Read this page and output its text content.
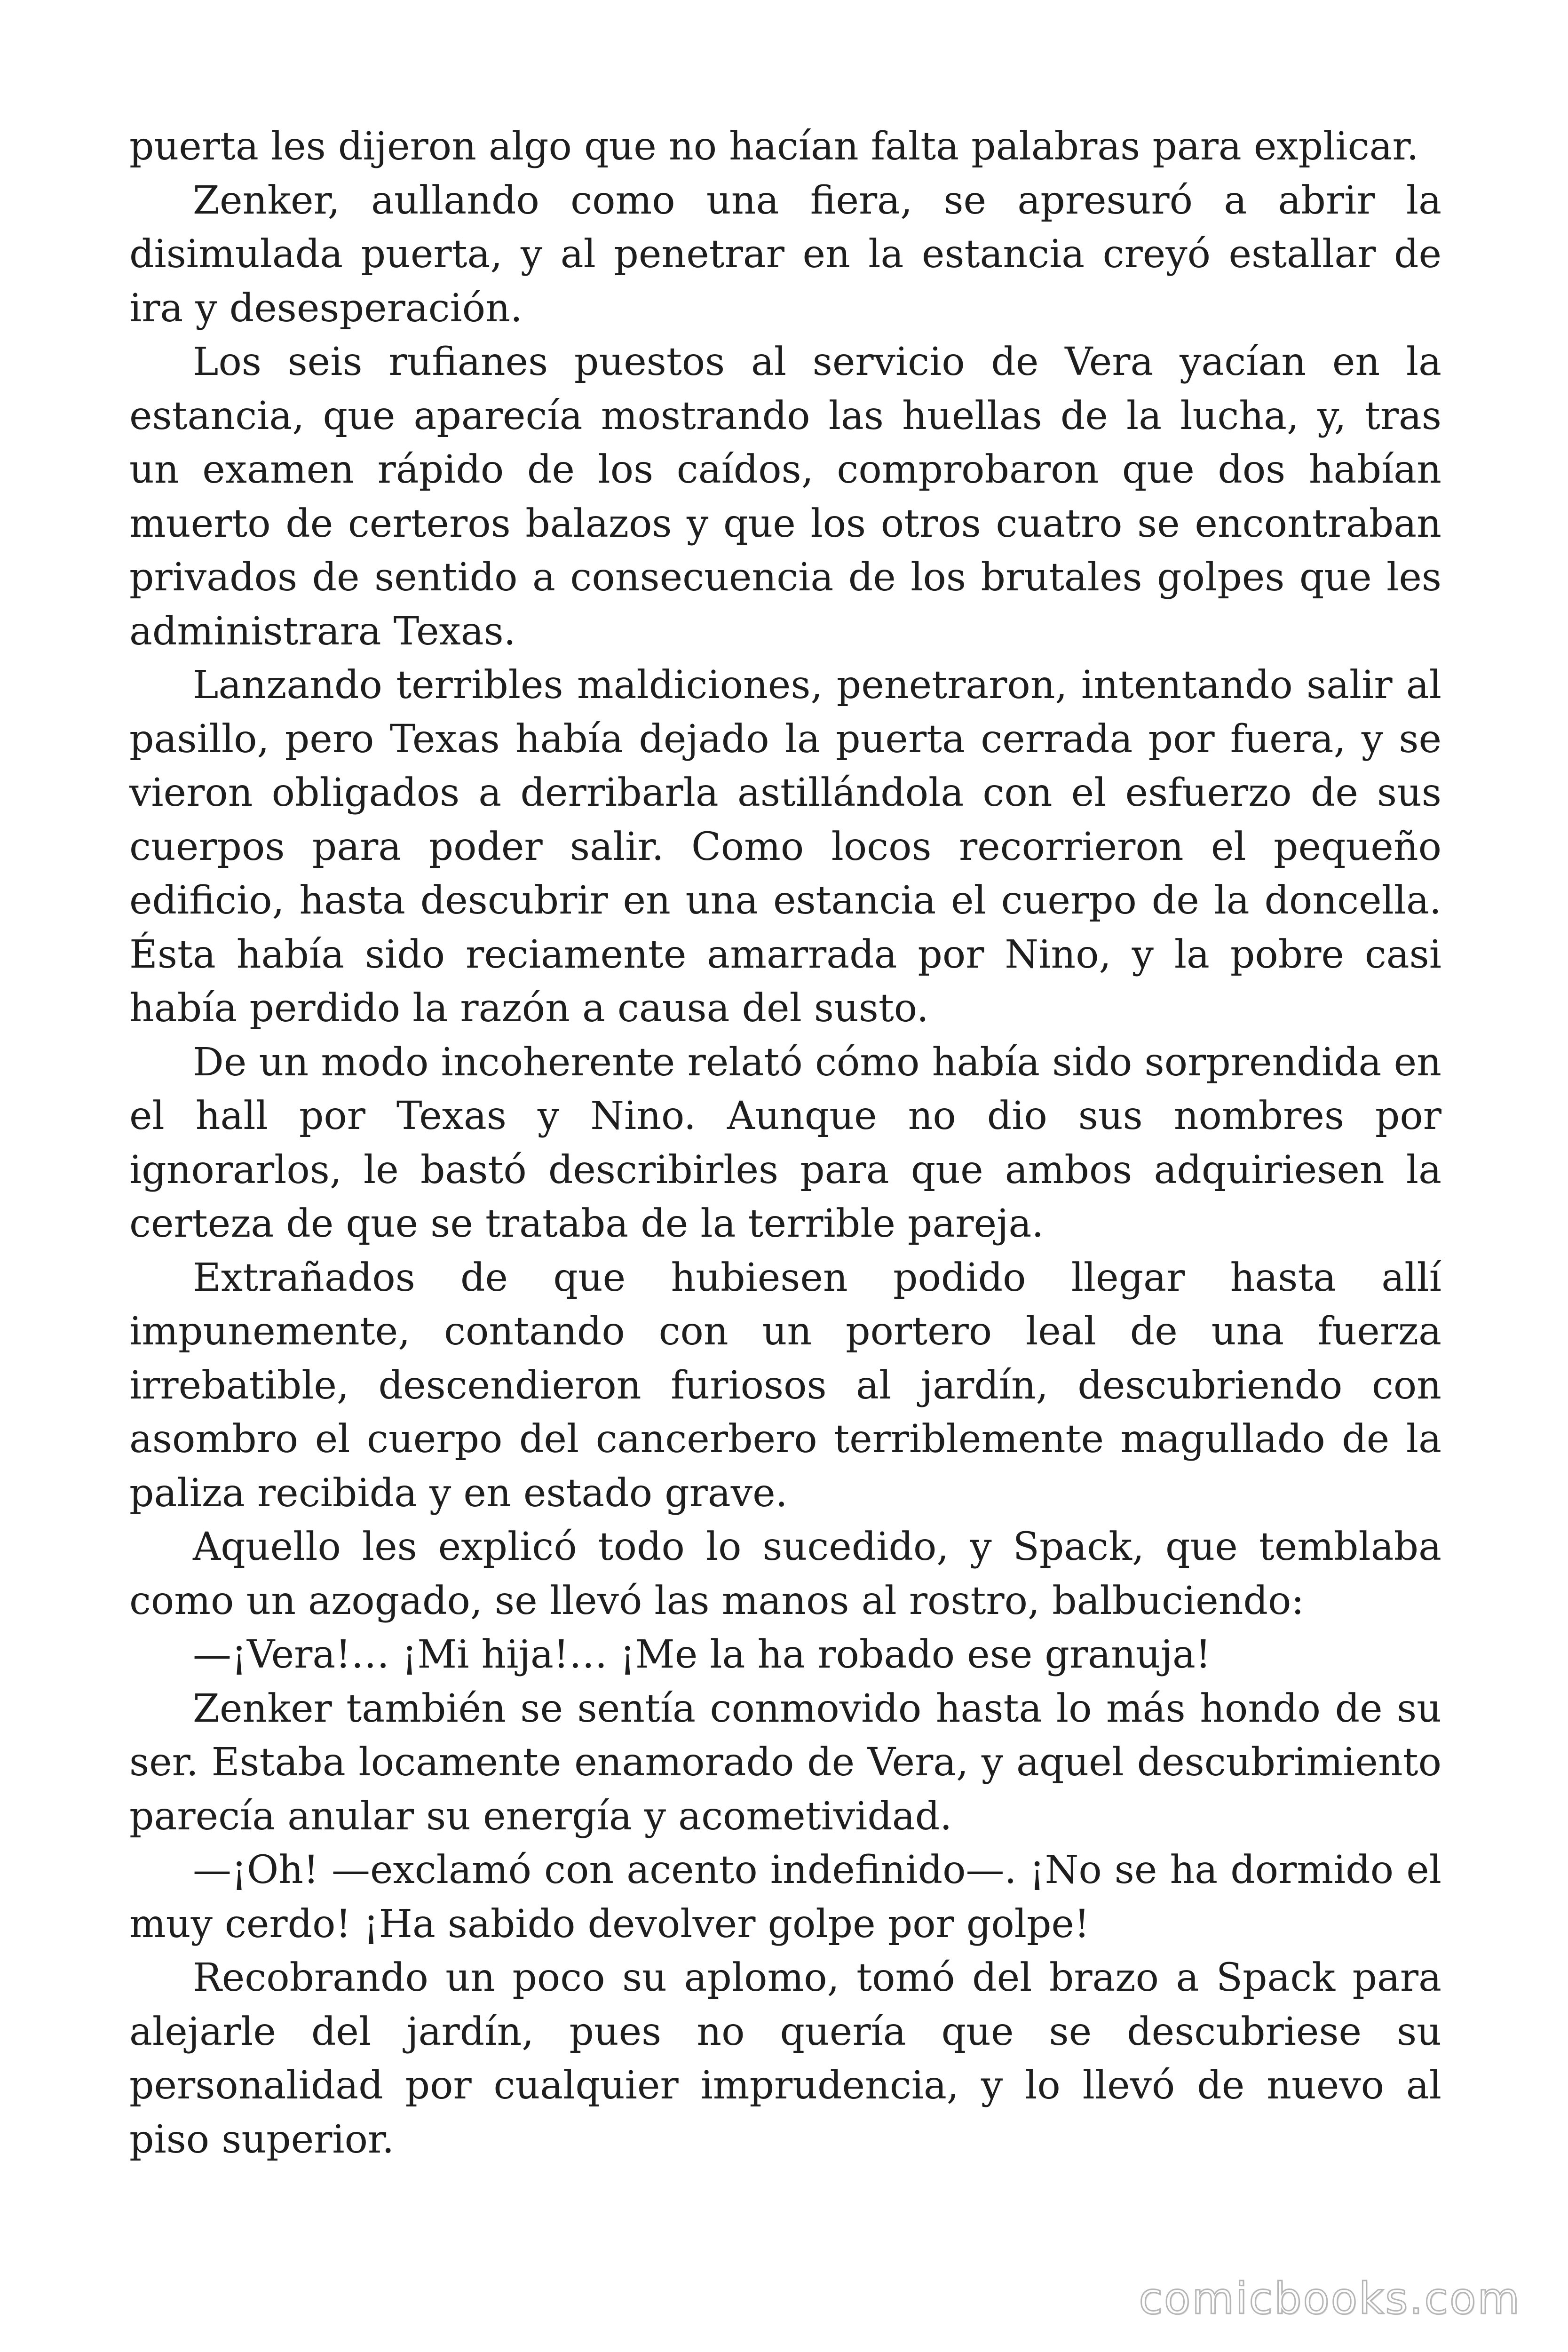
puerta les dijeron algo que no hacían falta palabras para explicar.

Zenker, aullando como una fiera, se apresuró a abrir la disimulada puerta, y al penetrar en la estancia creyó estallar de ira y desesperación.

Los seis rufianes puestos al servicio de Vera yacían en la estancia, que aparecía mostrando las huellas de la lucha, y, tras un examen rápido de los caídos, comprobaron que dos habían muerto de certeros balazos y que los otros cuatro se encontraban privados de sentido a consecuencia de los brutales golpes que les administrara Texas.

Lanzando terribles maldiciones, penetraron, intentando salir al pasillo, pero Texas había dejado la puerta cerrada por fuera, y se vieron obligados a derribarla astillándola con el esfuerzo de sus cuerpos para poder salir. Como locos recorrieron el pequeño edificio, hasta descubrir en una estancia el cuerpo de la doncella. Ésta había sido reciamente amarrada por Nino, y la pobre casi había perdido la razón a causa del susto.

De un modo incoherente relató cómo había sido sorprendida en el hall por Texas y Nino. Aunque no dio sus nombres por ignorarlos, le bastó describirles para que ambos adquiriesen la certeza de que se trataba de la terrible pareja.

Extrañados de que hubiesen podido llegar hasta allí impunemente, contando con un portero leal de una fuerza irrebatible, descendieron furiosos al jardín, descubriendo con asombro el cuerpo del cancerbero terriblemente magullado de la paliza recibida y en estado grave.

Aquello les explicó todo lo sucedido, y Spack, que temblaba como un azogado, se llevó las manos al rostro, balbuciendo:

—¡Vera!… ¡Mi hija!… ¡Me la ha robado ese granuja!

Zenker también se sentía conmovido hasta lo más hondo de su ser. Estaba locamente enamorado de Vera, y aquel descubrimiento parecía anular su energía y acometividad.

—¡Oh! —exclamó con acento indefinido—. ¡No se ha dormido el muy cerdo! ¡Ha sabido devolver golpe por golpe!

Recobrando un poco su aplomo, tomó del brazo a Spack para alejarle del jardín, pues no quería que se descubriese su personalidad por cualquier imprudencia, y lo llevó de nuevo al piso superior.

comicbooks.com
